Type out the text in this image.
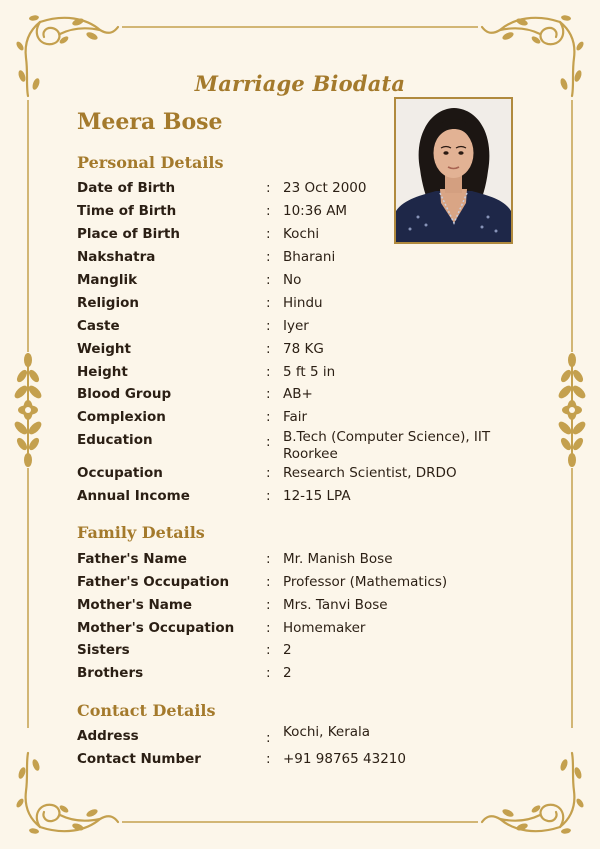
Marriage Biodata
Meera Bose
Personal Details
Date of Birth	: 23 Oct 2000
Time of Birth	: 10:36 AM
Place of Birth	: Kochi
Nakshatra	: Bharani
Manglik	: No
Religion	: Hindu
Caste	: Iyer
Weight	: 78 KG
Height	: 5 ft 5 in
Blood Group	: AB+
Complexion	: Fair
Education	: B.Tech (Computer Science), IIT Roorkee
Occupation	: Research Scientist, DRDO
Annual Income	: 12-15 LPA
Family Details
Father's Name	: Mr. Manish Bose
Father's Occupation	: Professor (Mathematics)
Mother's Name	: Mrs. Tanvi Bose
Mother's Occupation : Homemaker
Sisters	: 2
Brothers	: 2
Contact Details
Address	: Kochi, Kerala
Contact Number	: +91 98765 43210
